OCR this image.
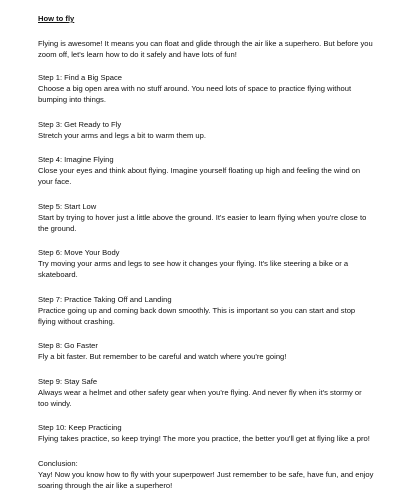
How to fly
Flying is awesome! It means you can float and glide through the air like a superhero. But before you zoom off, let's learn how to do it safely and have lots of fun!
Step 1: Find a Big Space
Choose a big open area with no stuff around. You need lots of space to practice flying without bumping into things.
Step 3: Get Ready to Fly
Stretch your arms and legs a bit to warm them up.
Step 4: Imagine Flying
Close your eyes and think about flying. Imagine yourself floating up high and feeling the wind on your face.
Step 5: Start Low
Start by trying to hover just a little above the ground. It's easier to learn flying when you're close to the ground.
Step 6: Move Your Body
Try moving your arms and legs to see how it changes your flying. It's like steering a bike or a skateboard.
Step 7: Practice Taking Off and Landing
Practice going up and coming back down smoothly. This is important so you can start and stop flying without crashing.
Step 8: Go Faster
Fly a bit faster. But remember to be careful and watch where you're going!
Step 9: Stay Safe
Always wear a helmet and other safety gear when you're flying. And never fly when it's stormy or too windy.
Step 10: Keep Practicing
Flying takes practice, so keep trying! The more you practice, the better you'll get at flying like a pro!
Conclusion:
Yay! Now you know how to fly with your superpower! Just remember to be safe, have fun, and enjoy soaring through the air like a superhero!
